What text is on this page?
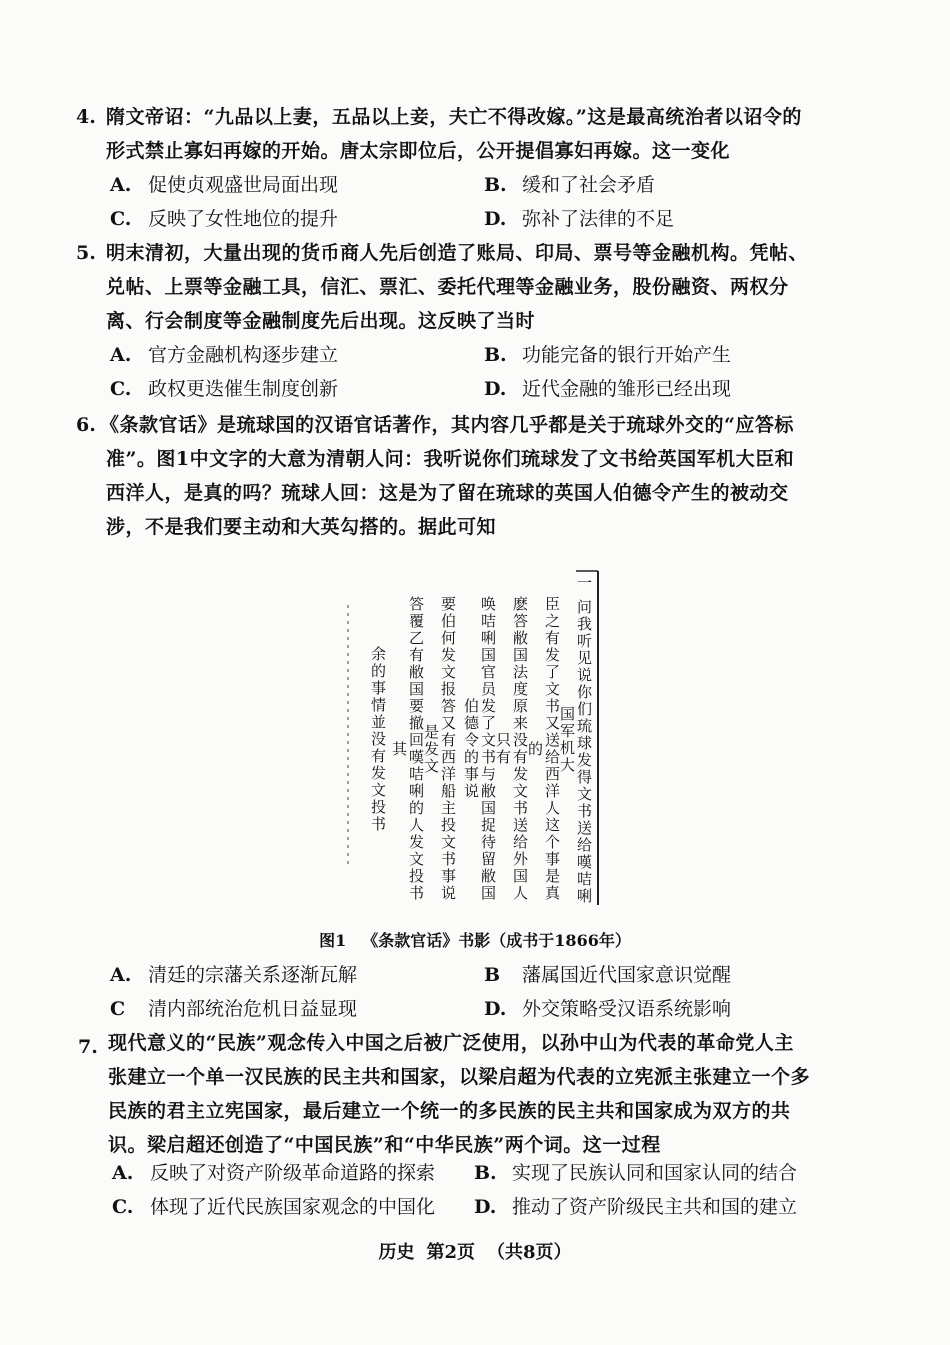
4. 隋文帝诏：“九品以上妻，五品以上妾，夫亡不得改嫁。”这是最高统治者以诏令的
形式禁止寡妇再嫁的开始。唐太宗即位后，公开提倡寡妇再嫁。这一变化
A. 促使贞观盛世局面出现	B. 缓和了社会矛盾
C. 反映了女性地位的提升	D. 弥补了法律的不足
5. 明末清初，大量出现的货币商人先后创造了账局、印局、票号等金融机构。凭帖、
兑帖、上票等金融工具，信汇、票汇、委托代理等金融业务，股份融资、两权分
离、行会制度等金融制度先后出现。这反映了当时
A. 官方金融机构逐步建立	B. 功能完备的银行开始产生
C. 政权更迭催生制度创新	D. 近代金融的雏形已经出现
6. 《条款官话》是琉球国的汉语官话著作，其内容几乎都是关于琉球外交的“应答标
准”。图1中文字的大意为清朝人问：我听说你们琉球发了文书给英国军机大臣和
西洋人，是真的吗？琉球人回：这是为了留在琉球的英国人伯德令产生的被动交
涉，不是我们要主动和大英勾搭的。据此可知
一 问我听见说你们琉球发得文书送给嘆咭唎国军机大
臣之有发了文书又送给西洋人这个事是真的
麽答敝国法度原来没有发文书送给外国人只有
唤咭唎国官员发了文书与敝国捉待留敝国伯德令的事说
要伯何发文报答又有西洋船主投文书事说是发文
答覆乙有敝国要撤回嘆咭唎的人发文投书其
余的事情並没有发文投书
图1 《条款官话》书影（成书于1866年）
A. 清廷的宗藩关系逐渐瓦解	B 藩属国近代国家意识觉醒
C 清内部统治危机日益显现	D. 外交策略受汉语系统影响
7. 现代意义的“民族”观念传入中国之后被广泛使用，以孙中山为代表的革命党人主
张建立一个单一汉民族的民主共和国家，以梁启超为代表的立宪派主张建立一个多
民族的君主立宪国家，最后建立一个统一的多民族的民主共和国家成为双方的共
识。梁启超还创造了“中国民族”和“中华民族”两个词。这一过程
A. 反映了对资产阶级革命道路的探索 B. 实现了民族认同和国家认同的结合
C. 体现了近代民族国家观念的中国化 D. 推动了资产阶级民主共和国的建立
历史 第2页 （共8页）
